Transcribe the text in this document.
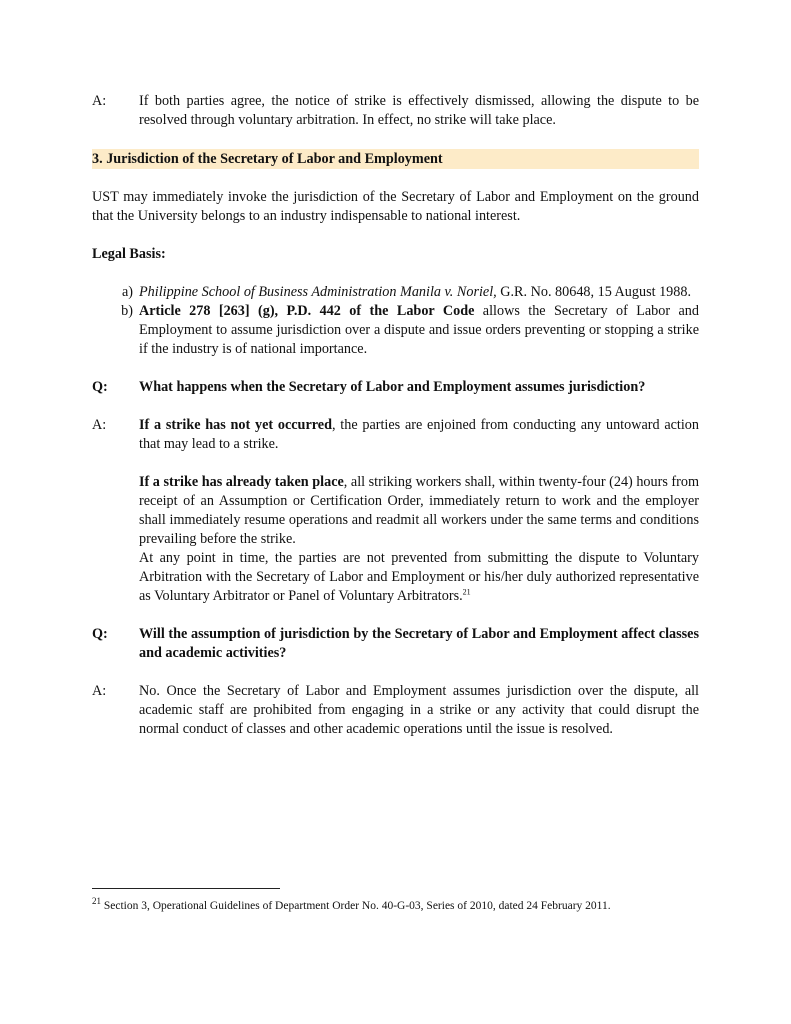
A:	If both parties agree, the notice of strike is effectively dismissed, allowing the dispute to be resolved through voluntary arbitration. In effect, no strike will take place.
3. Jurisdiction of the Secretary of Labor and Employment

UST may immediately invoke the jurisdiction of the Secretary of Labor and Employment on the ground that the University belongs to an industry indispensable to national interest.

Legal Basis:

a) Philippine School of Business Administration Manila v. Noriel, G.R. No. 80648, 15 August 1988.
b) Article 278 [263] (g), P.D. 442 of the Labor Code allows the Secretary of Labor and Employment to assume jurisdiction over a dispute and issue orders preventing or stopping a strike if the industry is of national importance.
Q:	What happens when the Secretary of Labor and Employment assumes jurisdiction?
A:	If a strike has not yet occurred, the parties are enjoined from conducting any untoward action that may lead to a strike.

If a strike has already taken place, all striking workers shall, within twenty-four (24) hours from receipt of an Assumption or Certification Order, immediately return to work and the employer shall immediately resume operations and readmit all workers under the same terms and conditions prevailing before the strike.

At any point in time, the parties are not prevented from submitting the dispute to Voluntary Arbitration with the Secretary of Labor and Employment or his/her duly authorized representative as Voluntary Arbitrator or Panel of Voluntary Arbitrators.$^{21}$

Q:	Will the assumption of jurisdiction by the Secretary of Labor and Employment affect classes and academic activities?
A:	No. Once the Secretary of Labor and Employment assumes jurisdiction over the dispute, all academic staff are prohibited from engaging in a strike or any activity that could disrupt the normal conduct of classes and other academic operations until the issue is resolved.
$^{21}$ Section 3, Operational Guidelines of Department Order No. 40-G-03, Series of 2010, dated 24 February 2011.
